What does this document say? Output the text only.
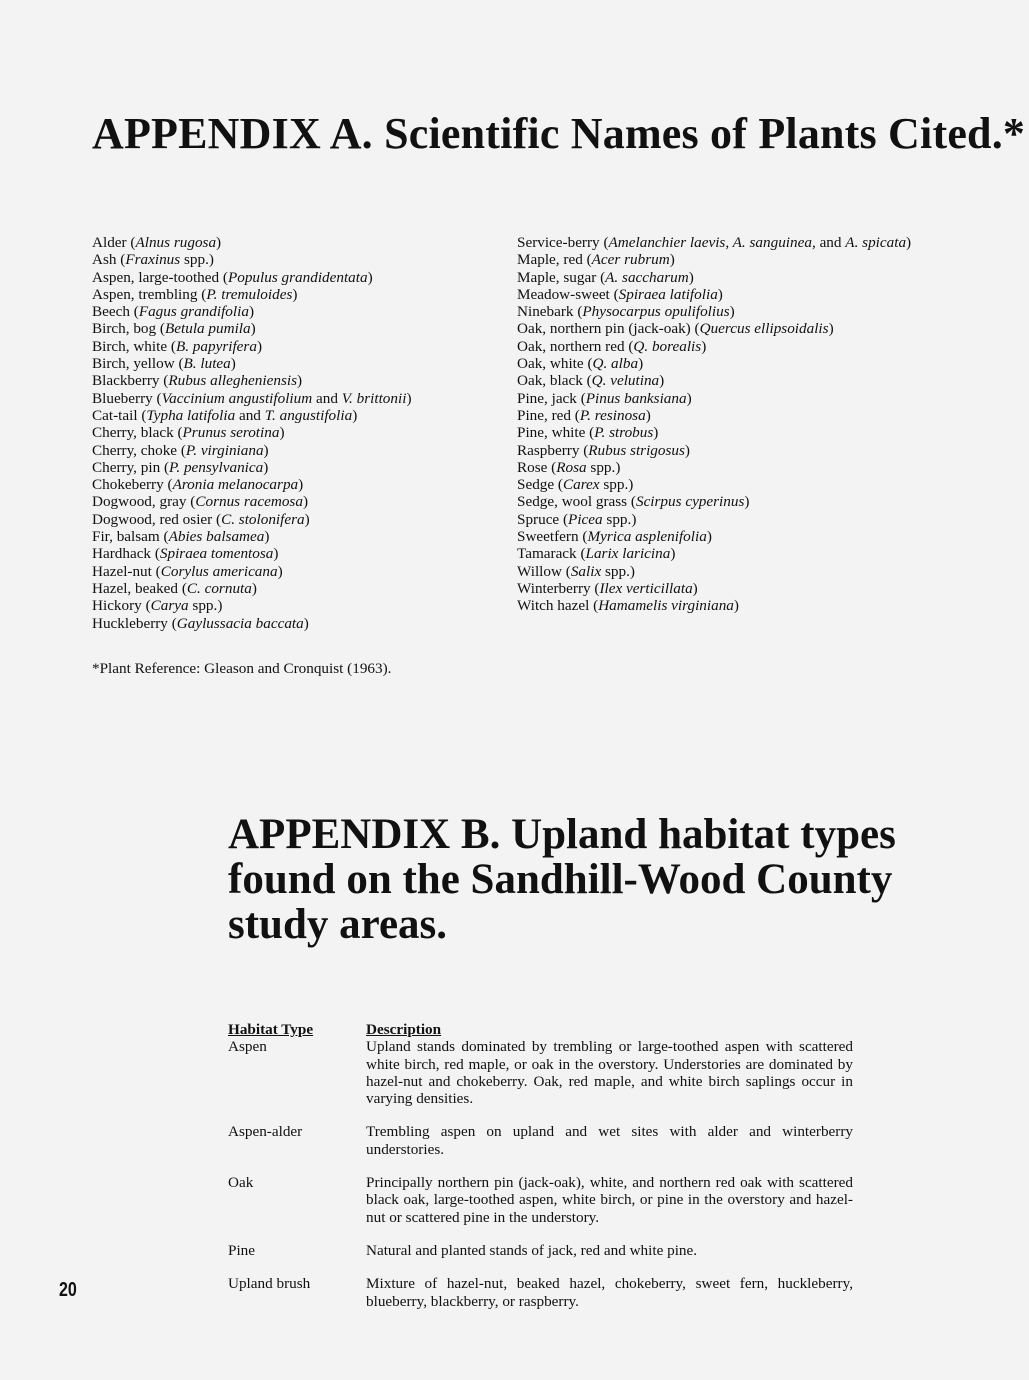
APPENDIX A. Scientific Names of Plants Cited.*
Alder (Alnus rugosa)
Ash (Fraxinus spp.)
Aspen, large-toothed (Populus grandidentata)
Aspen, trembling (P. tremuloides)
Beech (Fagus grandifolia)
Birch, bog (Betula pumila)
Birch, white (B. papyrifera)
Birch, yellow (B. lutea)
Blackberry (Rubus allegheniensis)
Blueberry (Vaccinium angustifolium and V. brittonii)
Cat-tail (Typha latifolia and T. angustifolia)
Cherry, black (Prunus serotina)
Cherry, choke (P. virginiana)
Cherry, pin (P. pensylvanica)
Chokeberry (Aronia melanocarpa)
Dogwood, gray (Cornus racemosa)
Dogwood, red osier (C. stolonifera)
Fir, balsam (Abies balsamea)
Hardhack (Spiraea tomentosa)
Hazel-nut (Corylus americana)
Hazel, beaked (C. cornuta)
Hickory (Carya spp.)
Huckleberry (Gaylussacia baccata)
Service-berry (Amelanchier laevis, A. sanguinea, and A. spicata)
Maple, red (Acer rubrum)
Maple, sugar (A. saccharum)
Meadow-sweet (Spiraea latifolia)
Ninebark (Physocarpus opulifolius)
Oak, northern pin (jack-oak) (Quercus ellipsoidalis)
Oak, northern red (Q. borealis)
Oak, white (Q. alba)
Oak, black (Q. velutina)
Pine, jack (Pinus banksiana)
Pine, red (P. resinosa)
Pine, white (P. strobus)
Raspberry (Rubus strigosus)
Rose (Rosa spp.)
Sedge (Carex spp.)
Sedge, wool grass (Scirpus cyperinus)
Spruce (Picea spp.)
Sweetfern (Myrica asplenifolia)
Tamarack (Larix laricina)
Willow (Salix spp.)
Winterberry (Ilex verticillata)
Witch hazel (Hamamelis virginiana)

*Plant Reference: Gleason and Cronquist (1963).

APPENDIX B. Upland habitat types found on the Sandhill-Wood County study areas.
Habitat Type	Description
Aspen	Upland stands dominated by trembling or large-toothed aspen with scattered white birch, red maple, or oak in the overstory. Understories are dominated by hazel-nut and chokeberry. Oak, red maple, and white birch saplings occur in varying densities.
Aspen-alder	Trembling aspen on upland and wet sites with alder and winterberry understories.
Oak	Principally northern pin (jack-oak), white, and northern red oak with scattered black oak, large-toothed aspen, white birch, or pine in the overstory and hazel-nut or scattered pine in the understory.
Pine	Natural and planted stands of jack, red and white pine.
Upland brush	Mixture of hazel-nut, beaked hazel, chokeberry, sweet fern, huckleberry, blueberry, blackberry, or raspberry.

20
